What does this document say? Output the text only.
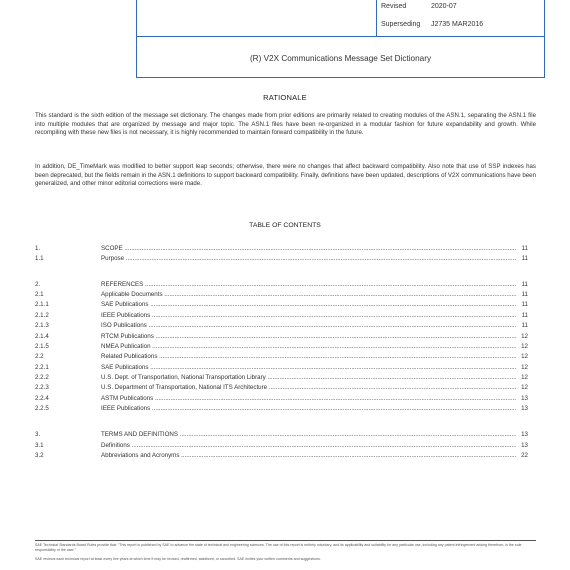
Revised	2020-07
Superseding J2735 MAR2016
(R) V2X Communications Message Set Dictionary
RATIONALE

This standard is the sixth edition of the message set dictionary. The changes made from prior editions are primarily related to creating modules of the ASN.1, separating the ASN.1 file into multiple modules that are organized by message and major topic. The ASN.1 files have been re-organized in a modular fashion for future expandability and growth. While recompiling with these new files is not necessary, it is highly recommended to maintain forward compatibility in the future.

In addition, DE_TimeMark was modified to better support leap seconds; otherwise, there were no changes that affect backward compatibility. Also note that use of SSP indexes has been deprecated, but the fields remain in the ASN.1 definitions to support backward compatibility. Finally, definitions have been updated, descriptions of V2X communications have been generalized, and other minor editorial corrections were made.

TABLE OF CONTENTS
1.	SCOPE .....	11
1.1	Purpose .....	11
2.	REFERENCES .....	11
2.1	Applicable Documents .....	11
2.1.1	SAE Publications .....	11
2.1.2	IEEE Publications .....	11
2.1.3	ISO Publications .....	11
2.1.4	RTCM Publications .....	12
2.1.5	NMEA Publication .....	12
2.2	Related Publications .....	12
2.2.1	SAE Publications .....	12
2.2.2	U.S. Dept. of Transportation, National Transportation Library .....	12
2.2.3	U.S. Department of Transportation, National ITS Architecture .....	12
2.2.4	ASTM Publications .....	13
2.2.5	IEEE Publications .....	13
3.	TERMS AND DEFINITIONS .....	13
3.1	Definitions .....	13
3.2	Abbreviations and Acronyms .....	22

SAE Technical Standards Board Rules provide that: "This report is published by SAE to advance the state of technical and engineering sciences. The use of this report is entirely voluntary, and its applicability and suitability for any particular use, including any patent infringement arising therefrom, is the sole responsibility of the user."

SAE reviews each technical report at least every five years at which time it may be revised, reaffirmed, stabilized, or cancelled. SAE invites your written comments and suggestions.
